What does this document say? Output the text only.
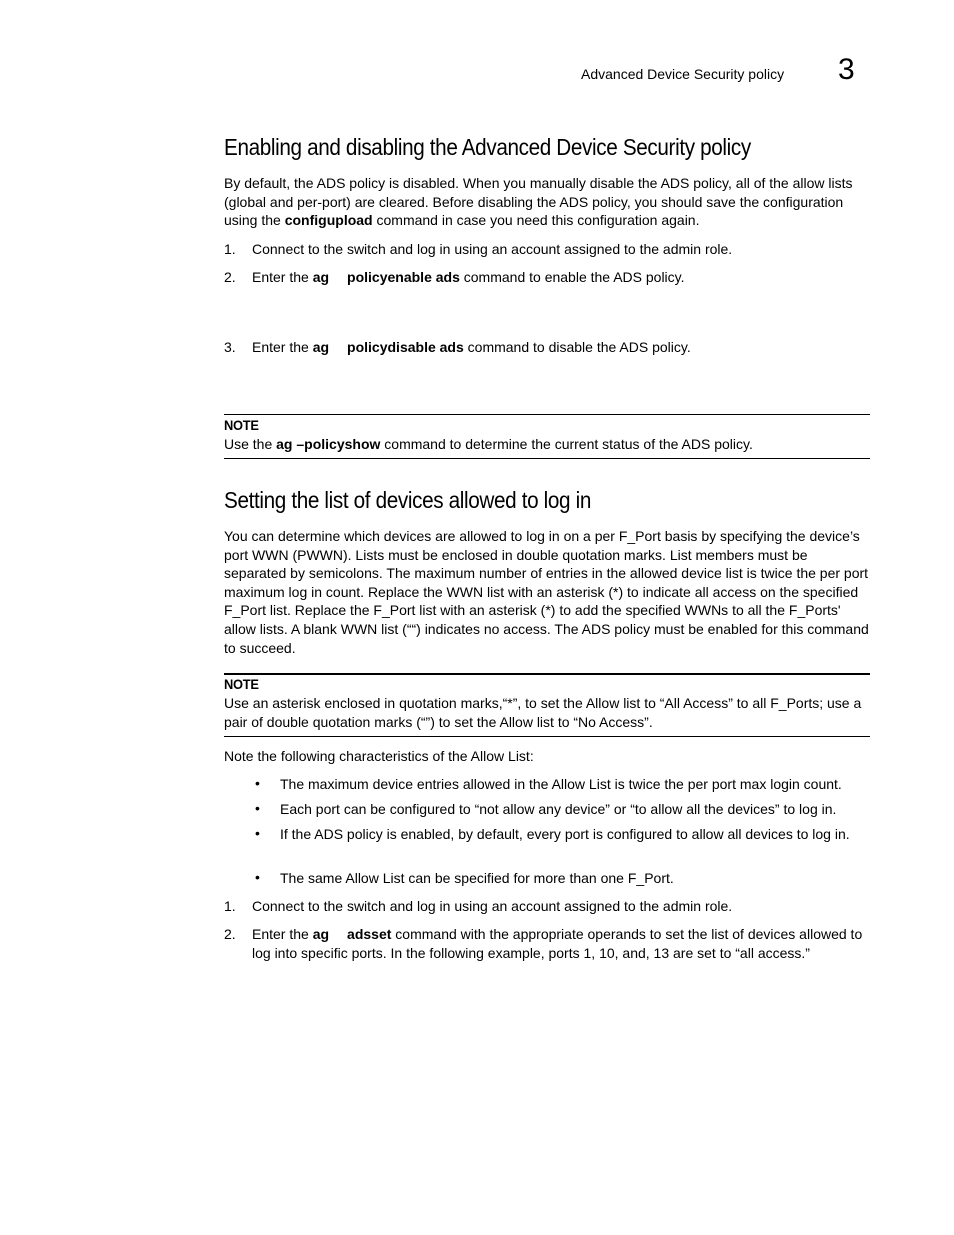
Advanced Device Security policy 3
Enabling and disabling the Advanced Device Security policy
By default, the ADS policy is disabled. When you manually disable the ADS policy, all of the allow lists (global and per-port) are cleared. Before disabling the ADS policy, you should save the configuration using the configupload command in case you need this configuration again.
1.	Connect to the switch and log in using an account assigned to the admin role.
2.	Enter the ag policyenable ads command to enable the ADS policy.
3.	Enter the ag policydisable ads command to disable the ADS policy.
NOTE
Use the ag –policyshow command to determine the current status of the ADS policy.
Setting the list of devices allowed to log in
You can determine which devices are allowed to log in on a per F_Port basis by specifying the device’s port WWN (PWWN). Lists must be enclosed in double quotation marks. List members must be separated by semicolons. The maximum number of entries in the allowed device list is twice the per port maximum log in count. Replace the WWN list with an asterisk (*) to indicate all access on the specified F_Port list. Replace the F_Port list with an asterisk (*) to add the specified WWNs to all the F_Ports' allow lists. A blank WWN list (““) indicates no access. The ADS policy must be enabled for this command to succeed.
NOTE
Use an asterisk enclosed in quotation marks,“*”, to set the Allow list to “All Access” to all F_Ports; use a pair of double quotation marks (“”) to set the Allow list to “No Access”.
Note the following characteristics of the Allow List:
• The maximum device entries allowed in the Allow List is twice the per port max login count.
• Each port can be configured to “not allow any device” or “to allow all the devices” to log in.
• If the ADS policy is enabled, by default, every port is configured to allow all devices to log in.
• The same Allow List can be specified for more than one F_Port.
1.	Connect to the switch and log in using an account assigned to the admin role.
2.	Enter the ag adsset command with the appropriate operands to set the list of devices allowed to log into specific ports. In the following example, ports 1, 10, and, 13 are set to “all access.”
